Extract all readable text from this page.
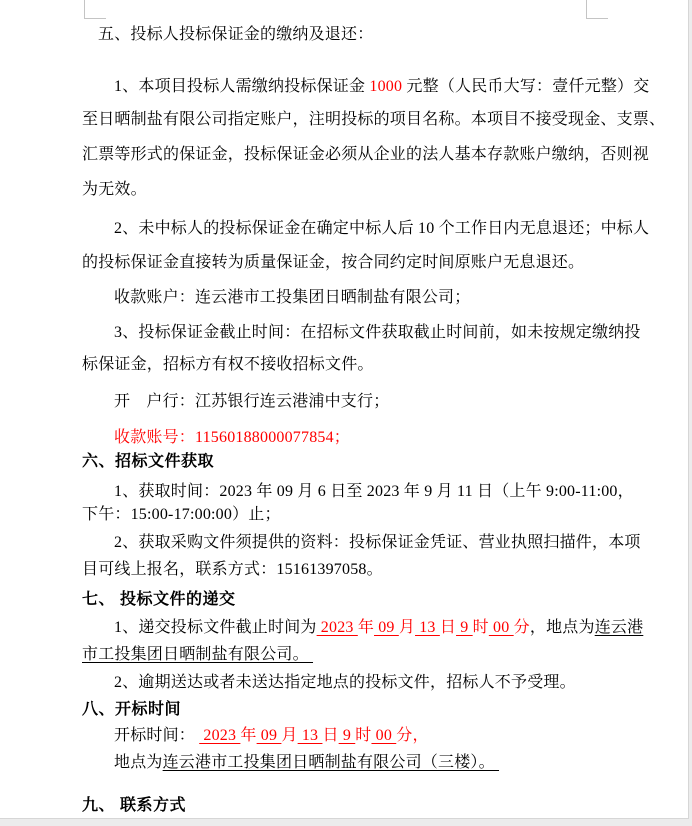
五、投标人投标保证金的缴纳及退还：
1、本项目投标人需缴纳投标保证金 1000 元整（人民币大写：壹仟元整）交
至日晒制盐有限公司指定账户，注明投标的项目名称。本项目不接受现金、支票、
汇票等形式的保证金，投标保证金必须从企业的法人基本存款账户缴纳，否则视
为无效。
2、未中标人的投标保证金在确定中标人后 10 个工作日内无息退还；中标人
的投标保证金直接转为质量保证金，按合同约定时间原账户无息退还。
收款账户：连云港市工投集团日晒制盐有限公司；
3、投标保证金截止时间：在招标文件获取截止时间前，如未按规定缴纳投
标保证金，招标方有权不接收招标文件。
开　户行：江苏银行连云港浦中支行；
收款账号：11560188000077854；
六、招标文件获取
1、获取时间：2023 年 09 月 6 日至 2023 年 9 月 11 日（上午 9:00-11:00，
下午：15:00-17:00:00）止；
2、获取采购文件须提供的资料：投标保证金凭证、营业执照扫描件，本项
目可线上报名，联系方式：15161397058。
七、 投标文件的递交
1、递交投标文件截止时间为 2023 年 09 月 13 日 9 时 00 分，地点为连云港
市工投集团日晒制盐有限公司。
2、逾期送达或者未送达指定地点的投标文件，招标人不予受理。
八、开标时间
开标时间：  2023 年 09 月 13 日 9 时 00 分，
地点为连云港市工投集团日晒制盐有限公司（三楼）。
九、 联系方式
